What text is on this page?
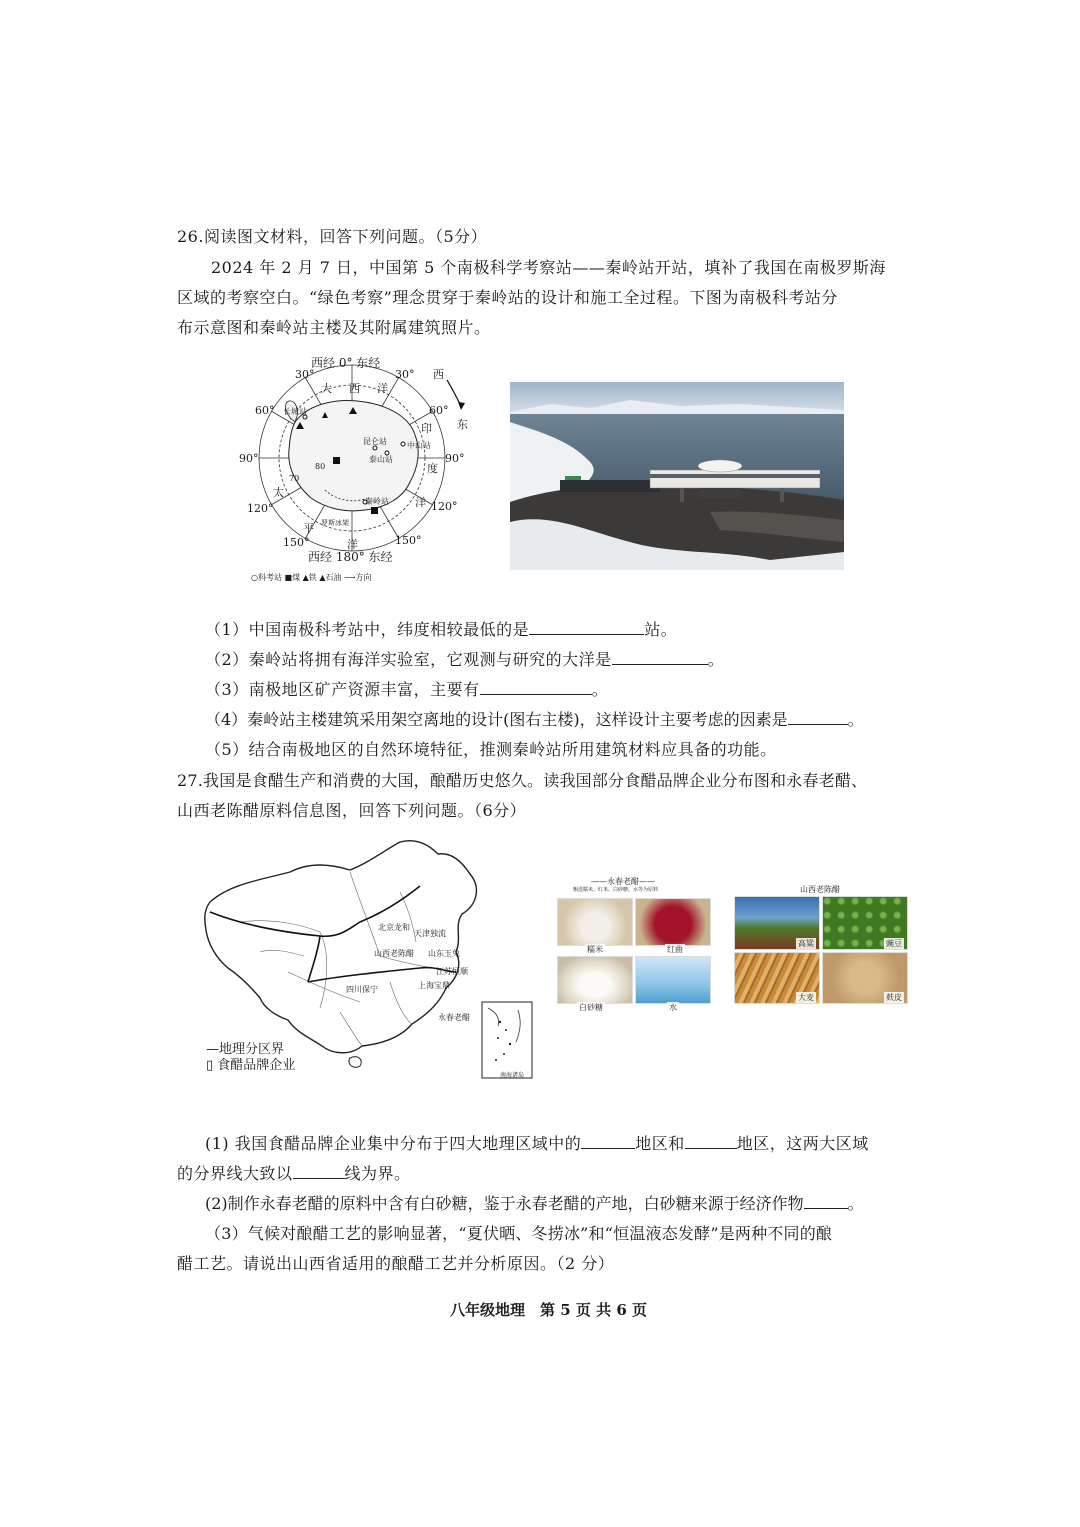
26.阅读图文材料，回答下列问题。（5分）
2024 年 2 月 7 日，中国第 5 个南极科学考察站——秦岭站开站，填补了我国在南极罗斯海
区域的考察空白。“绿色考察”理念贯穿于秦岭站的设计和施工全过程。下图为南极科考站分
布示意图和秦岭站主楼及其附属建筑照片。
西经 0° 东经
西经 180° 东经
30°	30°
60°	60°
90°	90°
120°	120°
150°	150°
大 西 洋
印
度
洋
太
平
洋
80
70
长城站
昆仑站
泰山站
中山站
秦岭站
罗斯冰架
西
东
○科考站 ■煤 ▲铁 ▲石油 ⟶方向
（1）中国南极科考站中，纬度相较最低的是	站。
（2）秦岭站将拥有海洋实验室，它观测与研究的大洋是	。
（3）南极地区矿产资源丰富，主要有	。
（4）秦岭站主楼建筑采用架空离地的设计(图右主楼)，这样设计主要考虑的因素是	。
（5）结合南极地区的自然环境特征，推测秦岭站所用建筑材料应具备的功能。
27.我国是食醋生产和消费的大国，酿醋历史悠久。读我国部分食醋品牌企业分布图和永春老醋、
山西老陈醋原料信息图，回答下列问题。（6分）
北京龙和
天津独流
山西老陈醋 山东玉兔
江苏恒顺
上海宝鼎
四川保宁
永春老醋
南海诸岛
—地理分区界
▯ 食醋品牌企业
——永春老醋——
甄选糯米、红米、白砂糖、水等为原料
糯米	红曲
白砂糖	水
山西老陈醋
高粱	豌豆
大麦	麸皮
(1) 我国食醋品牌企业集中分布于四大地理区域中的	地区和	地区，这两大区域
的分界线大致以	线为界。
(2)制作永春老醋的原料中含有白砂糖，鉴于永春老醋的产地，白砂糖来源于经济作物	。
（3）气候对酿醋工艺的影响显著，“夏伏晒、冬捞冰”和“恒温液态发酵”是两种不同的酿
醋工艺。请说出山西省适用的酿醋工艺并分析原因。（2 分）
八年级地理　第 5 页 共 6 页
